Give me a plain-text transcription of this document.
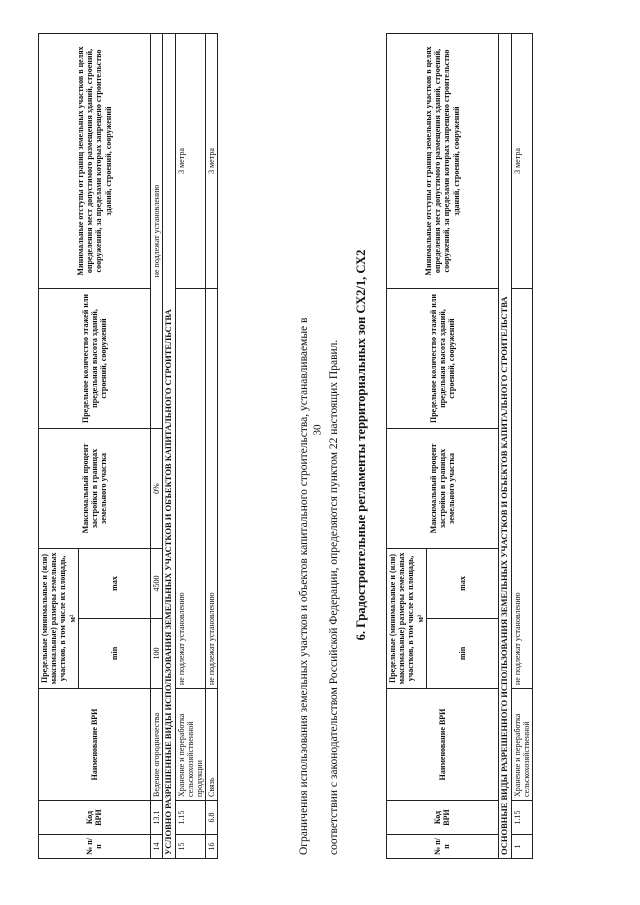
30
№ п/п	Код ВРИ	Наименование ВРИ	Предельные (минимальные и (или) максимальные) размеры земельных участков, в том числе их площадь, м²		Максимальный процент застройки в границах земельного участка	Предельное количество этажей или предельная высота зданий, строений, сооружений	Минимальные отступы от границ земельных участков в целях определения мест допустимого размещения зданий, строений, сооружений, за пределами которых запрещено строительство зданий, строений, сооружений
			min	max			
14	13.1	Ведение огородничества	100	4500	0%	не подлежат установлению	
УСЛОВНО РАЗРЕШЕННЫЕ ВИДЫ ИСПОЛЬЗОВАНИЯ ЗЕМЕЛЬНЫХ УЧАСТКОВ И ОБЪЕКТОВ КАПИТАЛЬНОГО СТРОИТЕЛЬСТВА							
15	1.15	Хранение и переработка сельскохозяйственной продукции	не подлежат установлению				3 метра
16	6.8	Связь	не подлежат установлению				3 метра
Ограничения использования земельных участков и объектов капитального строительства, устанавливаемые в соответствии с законодательством Российской Федерации, определяются пунктом 22 настоящих Правил. 6. Градостроительные регламенты территориальных зон СХ2/1, СХ2
№ п/п	Код ВРИ	Наименование ВРИ	Предельные (минимальные и (или) максимальные) размеры земельных участков, в том числе их площадь, м²		Максимальный процент застройки в границах земельного участка	Предельное количество этажей или предельная высота зданий, строений, сооружений	Минимальные отступы от границ земельных участков в целях определения мест допустимого размещения зданий, строений, сооружений, за пределами которых запрещено строительство зданий, строений, сооружений
			min	max			
ОСНОВНЫЕ ВИДЫ РАЗРЕШЕННОГО ИСПОЛЬЗОВАНИЯ ЗЕМЕЛЬНЫХ УЧАСТКОВ И ОБЪЕКТОВ КАПИТАЛЬНОГО СТРОИТЕЛЬСТВА							
1	1.15	Хранение и переработка сельскохозяйственной	не подлежат установлению				3 метра
